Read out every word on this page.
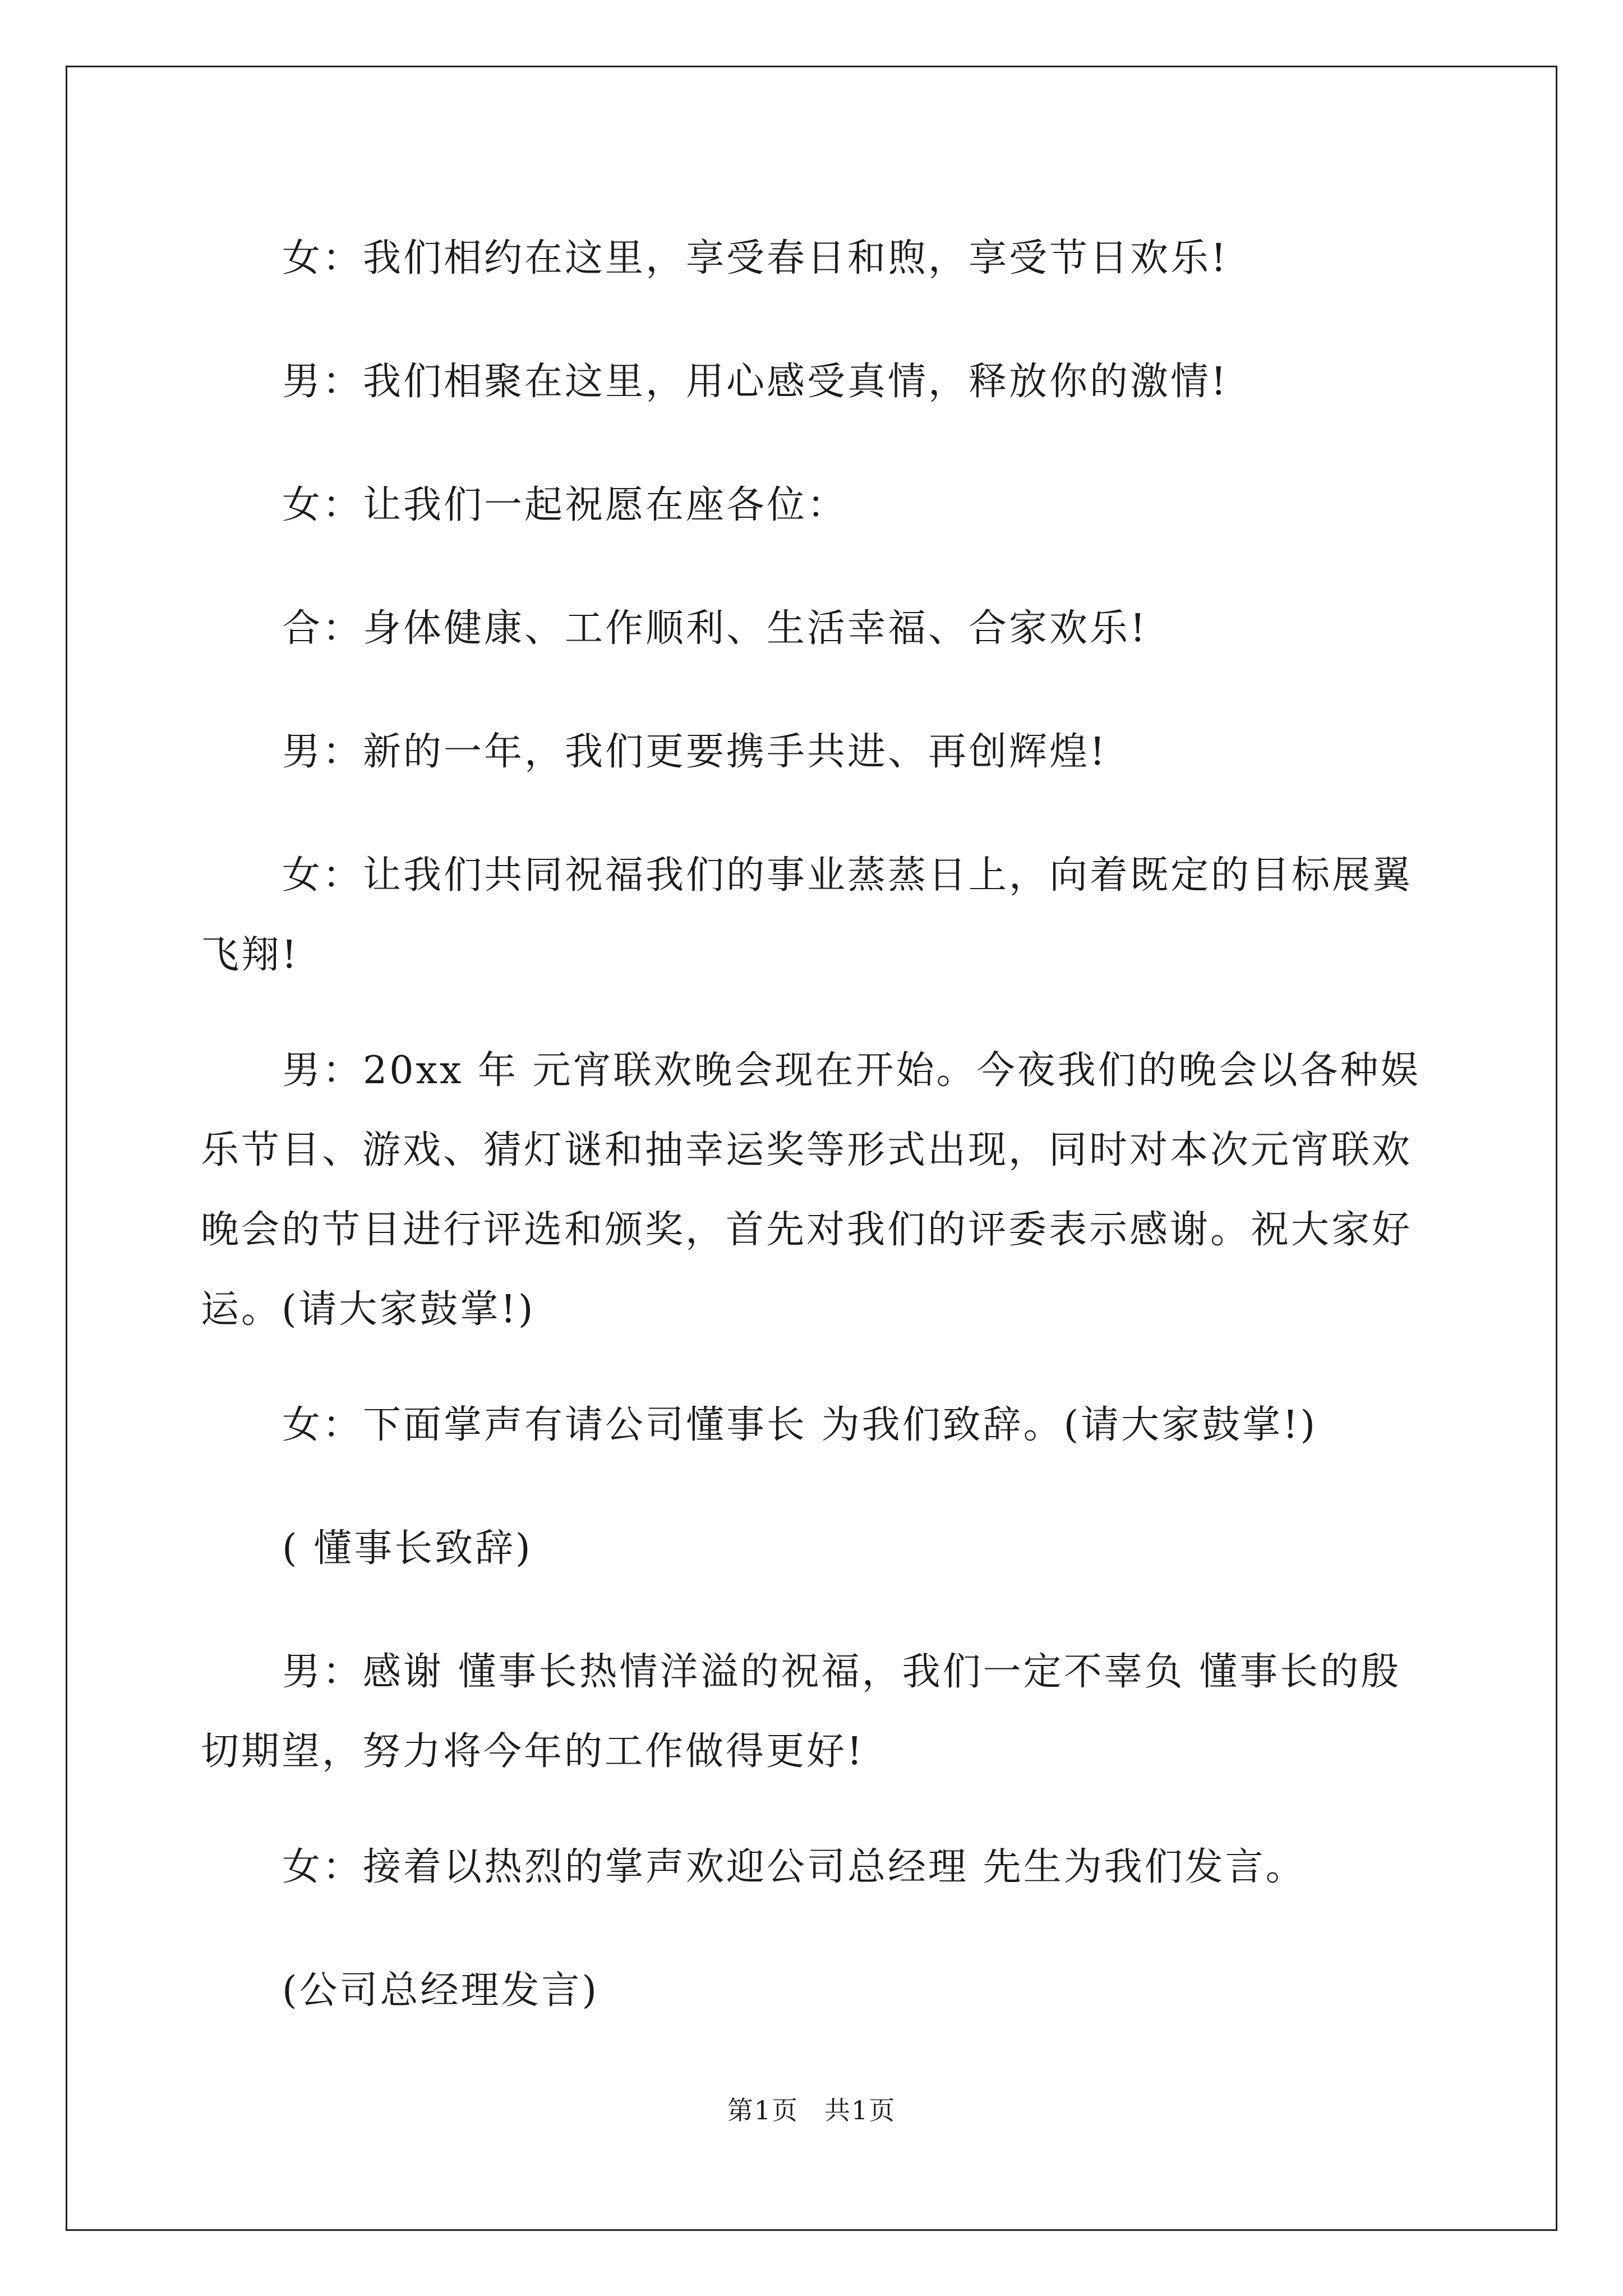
女：我们相约在这里，享受春日和煦，享受节日欢乐!

男：我们相聚在这里，用心感受真情，释放你的激情!

女：让我们一起祝愿在座各位：

合：身体健康、工作顺利、生活幸福、合家欢乐!

男：新的一年，我们更要携手共进、再创辉煌!

女：让我们共同祝福我们的事业蒸蒸日上，向着既定的目标展翼飞翔!

男：20xx 年 元宵联欢晚会现在开始。今夜我们的晚会以各种娱乐节目、游戏、猜灯谜和抽幸运奖等形式出现，同时对本次元宵联欢晚会的节目进行评选和颁奖，首先对我们的评委表示感谢。祝大家好运。(请大家鼓掌!)

女：下面掌声有请公司懂事长 为我们致辞。(请大家鼓掌!)

( 懂事长致辞)

男：感谢 懂事长热情洋溢的祝福，我们一定不辜负 懂事长的殷切期望，努力将今年的工作做得更好!

女：接着以热烈的掌声欢迎公司总经理 先生为我们发言。

(公司总经理发言)

第1页 共1页
